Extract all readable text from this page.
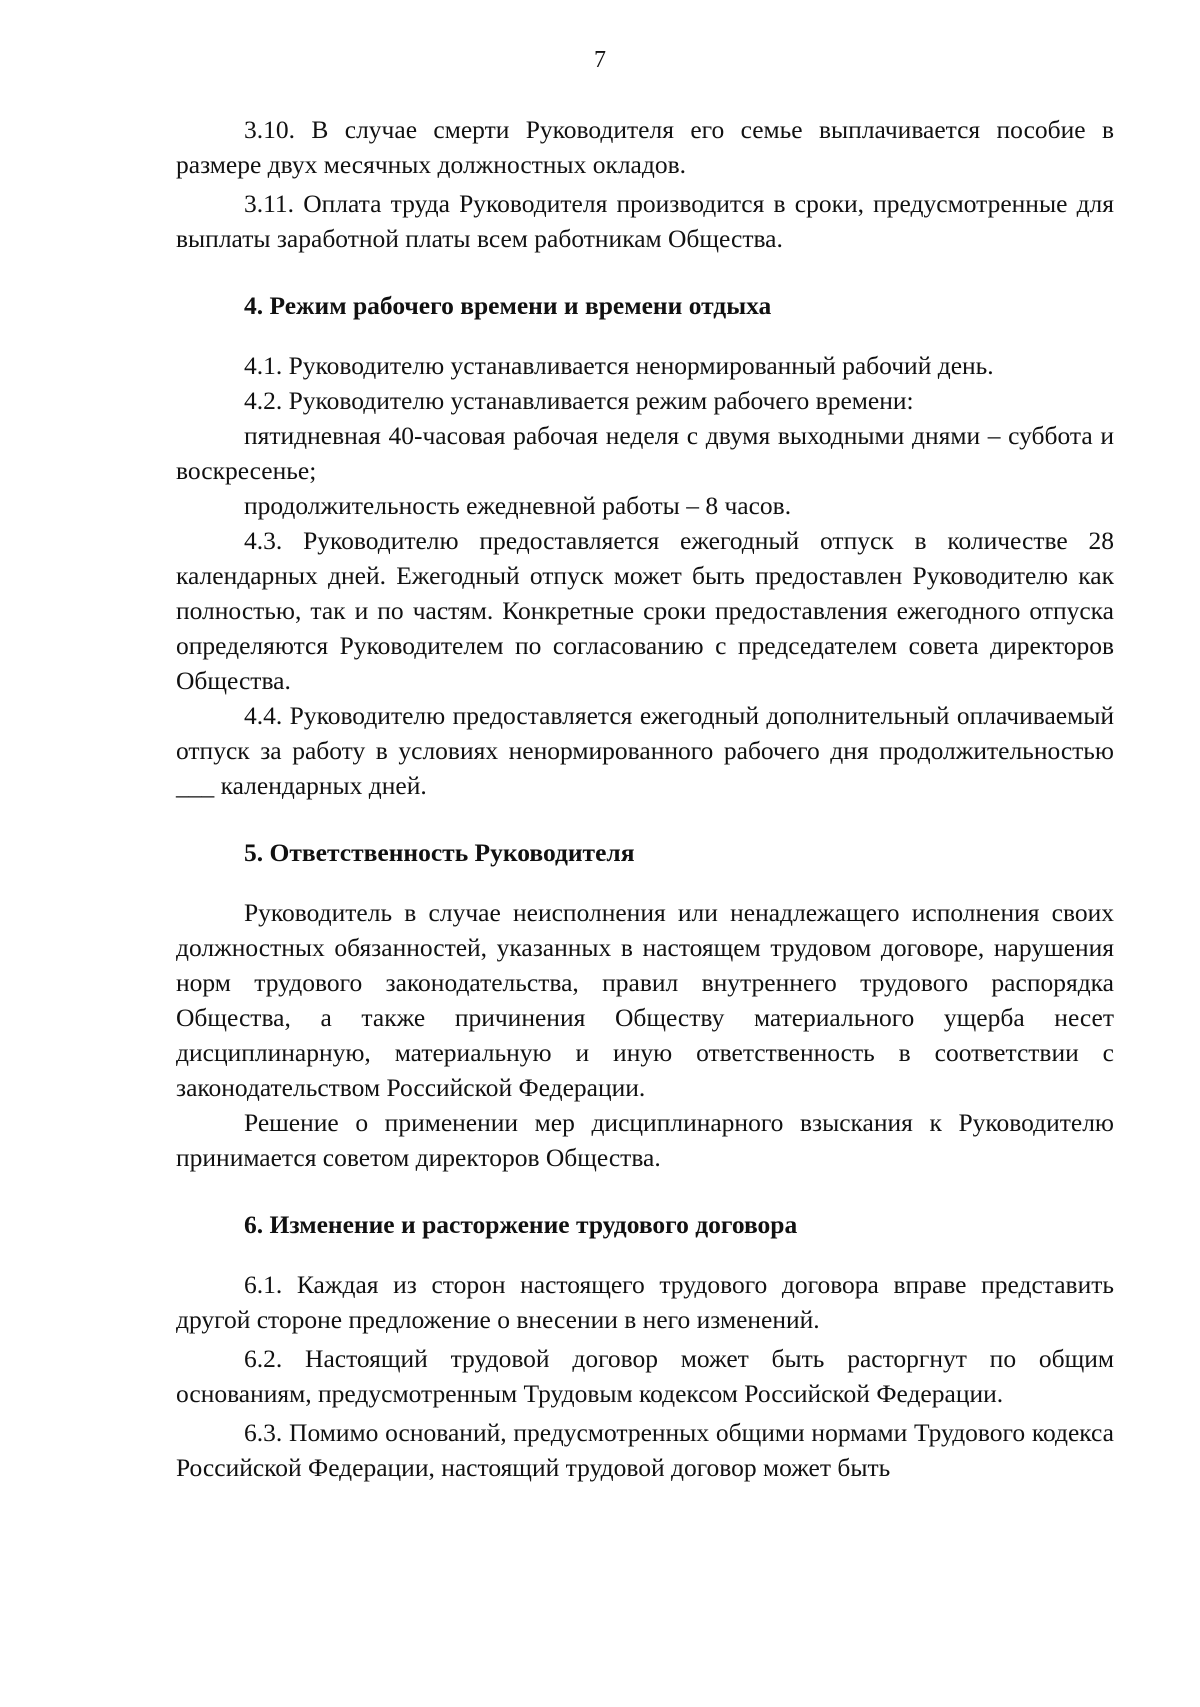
7

3.10. В случае смерти Руководителя его семье выплачивается пособие в размере двух месячных должностных окладов.

3.11. Оплата труда Руководителя производится в сроки, предусмотренные для выплаты заработной платы всем работникам Общества.

4. Режим рабочего времени и времени отдыха

4.1. Руководителю устанавливается ненормированный рабочий день.

4.2. Руководителю устанавливается режим рабочего времени:

пятидневная 40-часовая рабочая неделя с двумя выходными днями – суббота и воскресенье;

продолжительность ежедневной работы – 8 часов.

4.3. Руководителю предоставляется ежегодный отпуск в количестве 28 календарных дней. Ежегодный отпуск может быть предоставлен Руководителю как полностью, так и по частям. Конкретные сроки предоставления ежегодного отпуска определяются Руководителем по согласованию с председателем совета директоров Общества.

4.4. Руководителю предоставляется ежегодный дополнительный оплачиваемый отпуск за работу в условиях ненормированного рабочего дня продолжительностью ___ календарных дней.

5. Ответственность Руководителя

Руководитель в случае неисполнения или ненадлежащего исполнения своих должностных обязанностей, указанных в настоящем трудовом договоре, нарушения норм трудового законодательства, правил внутреннего трудового распорядка Общества, а также причинения Обществу материального ущерба несет дисциплинарную, материальную и иную ответственность в соответствии с законодательством Российской Федерации.

Решение о применении мер дисциплинарного взыскания к Руководителю принимается советом директоров Общества.

6. Изменение и расторжение трудового договора

6.1. Каждая из сторон настоящего трудового договора вправе представить другой стороне предложение о внесении в него изменений.

6.2. Настоящий трудовой договор может быть расторгнут по общим основаниям, предусмотренным Трудовым кодексом Российской Федерации.

6.3. Помимо оснований, предусмотренных общими нормами Трудового кодекса Российской Федерации, настоящий трудовой договор может быть
